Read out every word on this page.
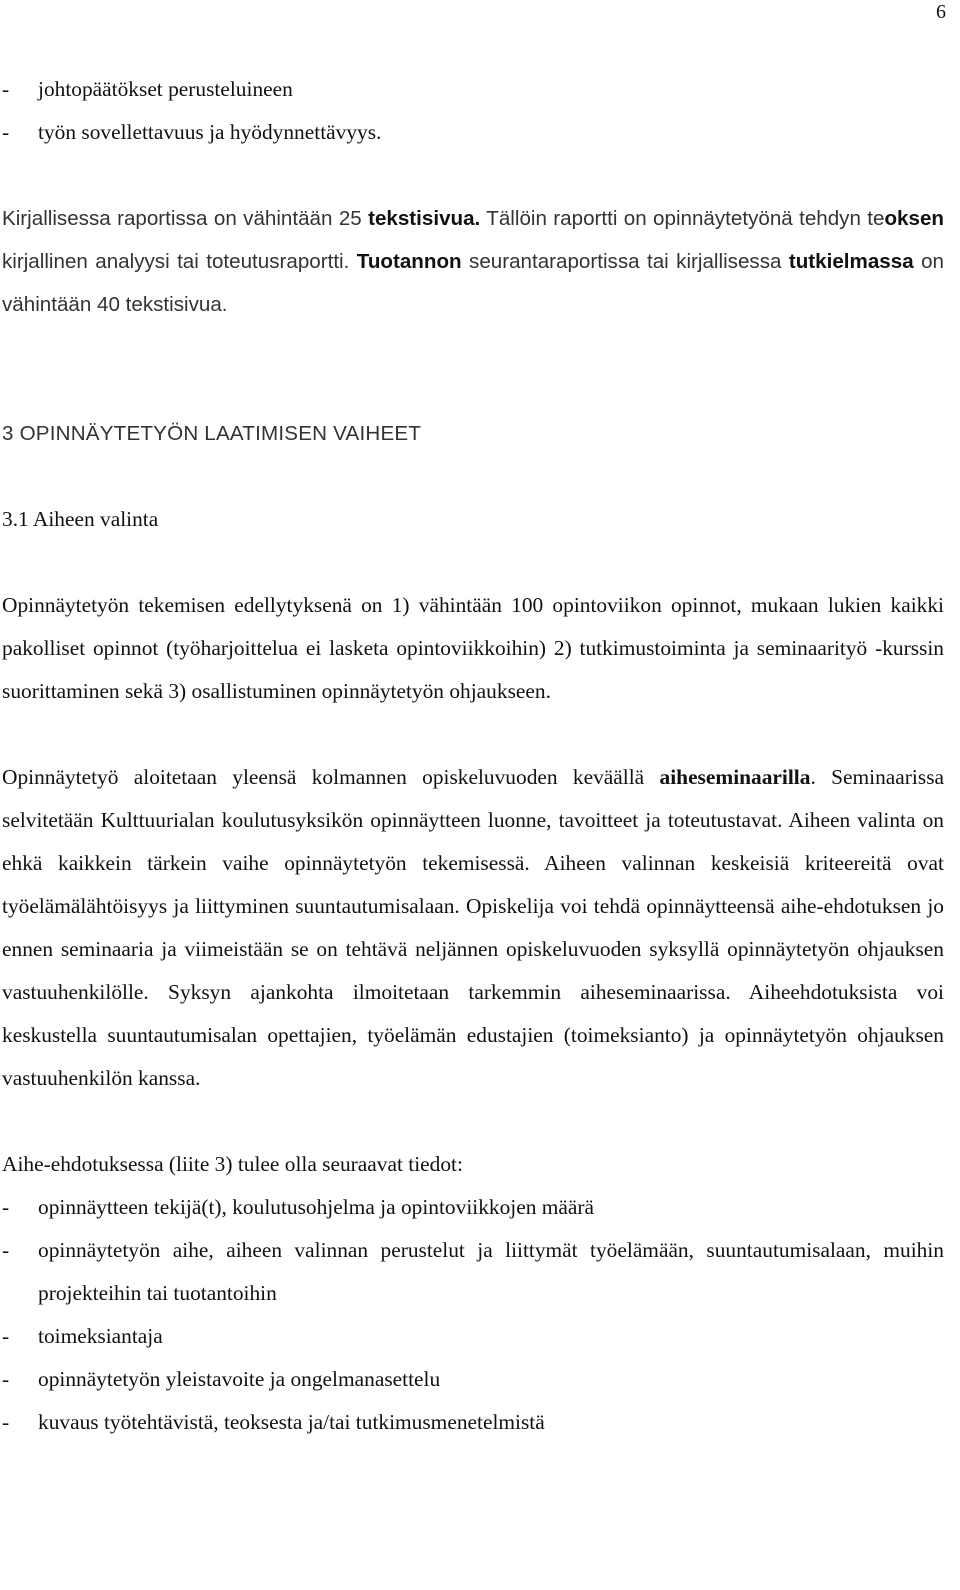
6
- johtopäätökset perusteluineen
- työn sovellettavuus ja hyödynnettävyys.

Kirjallisessa raportissa on vähintään 25 tekstisivua. Tällöin raportti on opinnäytetyönä tehdyn teoksen kirjallinen analyysi tai toteutusraportti. Tuotannon seurantaraportissa tai kirjallisessa tutkielmassa on vähintään 40 tekstisivua.

3 OPINNÄYTETYÖN LAATIMISEN VAIHEET
3.1 Aiheen valinta

Opinnäytetyön tekemisen edellytyksenä on 1) vähintään 100 opintoviikon opinnot, mukaan lukien kaikki pakolliset opinnot (työharjoittelua ei lasketa opintoviikkoihin) 2) tutkimustoiminta ja seminaarityö -kurssin suorittaminen sekä 3) osallistuminen opinnäytetyön ohjaukseen.

Opinnäytetyö aloitetaan yleensä kolmannen opiskeluvuoden keväällä aiheseminaarilla. Seminaarissa selvitetään Kulttuurialan koulutusyksikön opinnäytteen luonne, tavoitteet ja toteutustavat. Aiheen valinta on ehkä kaikkein tärkein vaihe opinnäytetyön tekemisessä. Aiheen valinnan keskeisiä kriteereitä ovat työelämälähtöisyys ja liittyminen suuntautumisalaan. Opiskelija voi tehdä opinnäytteensä aihe-ehdotuksen jo ennen seminaaria ja viimeistään se on tehtävä neljännen opiskeluvuoden syksyllä opinnäytetyön ohjauksen vastuuhenkilölle. Syksyn ajankohta ilmoitetaan tarkemmin aiheseminaarissa. Aiheehdotuksista voi keskustella suuntautumisalan opettajien, työelämän edustajien (toimeksianto) ja opinnäytetyön ohjauksen vastuuhenkilön kanssa.

Aihe-ehdotuksessa (liite 3) tulee olla seuraavat tiedot:

- opinnäytteen tekijä(t), koulutusohjelma ja opintoviikkojen määrä
- opinnäytetyön aihe, aiheen valinnan perustelut ja liittymät työelämään, suuntautumisalaan, muihin projekteihin tai tuotantoihin
- toimeksiantaja
- opinnäytetyön yleistavoite ja ongelmanasettelu
- kuvaus työtehtävistä, teoksesta ja/tai tutkimusmenetelmistä
